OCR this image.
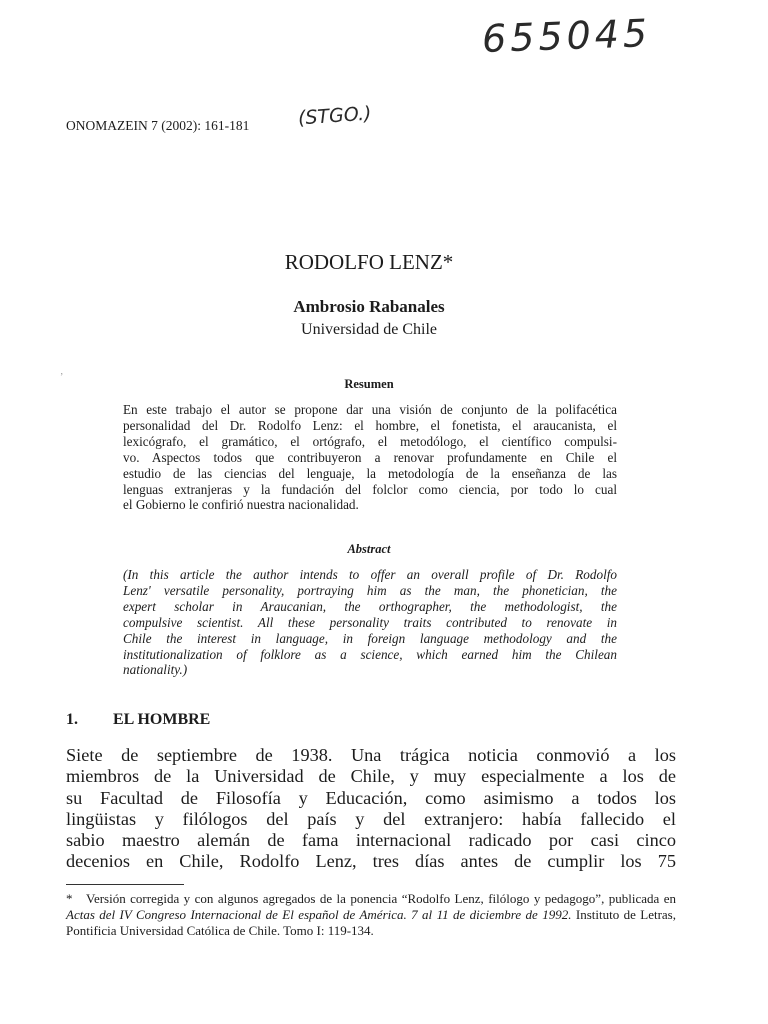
655045
(STGO.)
ONOMAZEIN 7 (2002): 161-181
RODOLFO LENZ*
Ambrosio Rabanales
Universidad de Chile
ʼ	Resumen
En este trabajo el autor se propone dar una visión de conjunto de la polifacética
personalidad del Dr. Rodolfo Lenz: el hombre, el fonetista, el araucanista, el
lexicógrafo, el gramático, el ortógrafo, el metodólogo, el científico compulsi-
vo. Aspectos todos que contribuyeron a renovar profundamente en Chile el
estudio de las ciencias del lenguaje, la metodología de la enseñanza de las
lenguas extranjeras y la fundación del folclor como ciencia, por todo lo cual
el Gobierno le confirió nuestra nacionalidad.
Abstract
(In this article the author intends to offer an overall profile of Dr. Rodolfo
Lenz' versatile personality, portraying him as the man, the phonetician, the
expert scholar in Araucanian, the orthographer, the methodologist, the
compulsive scientist. All these personality traits contributed to renovate in
Chile the interest in language, in foreign language methodology and the
institutionalization of folklore as a science, which earned him the Chilean
nationality.)
1. EL HOMBRE
Siete de septiembre de 1938. Una trágica noticia conmovió a los
miembros de la Universidad de Chile, y muy especialmente a los de
su Facultad de Filosofía y Educación, como asimismo a todos los
lingüistas y filólogos del país y del extranjero: había fallecido el
sabio maestro alemán de fama internacional radicado por casi cinco
decenios en Chile, Rodolfo Lenz, tres días antes de cumplir los 75
* Versión corregida y con algunos agregados de la ponencia “Rodolfo Lenz, filólogo y pedagogo”, publicada en Actas del IV Congreso Internacional de El español de América. 7 al 11 de diciembre de 1992. Instituto de Letras, Pontificia Universidad Católica de Chile. Tomo I: 119-134.
